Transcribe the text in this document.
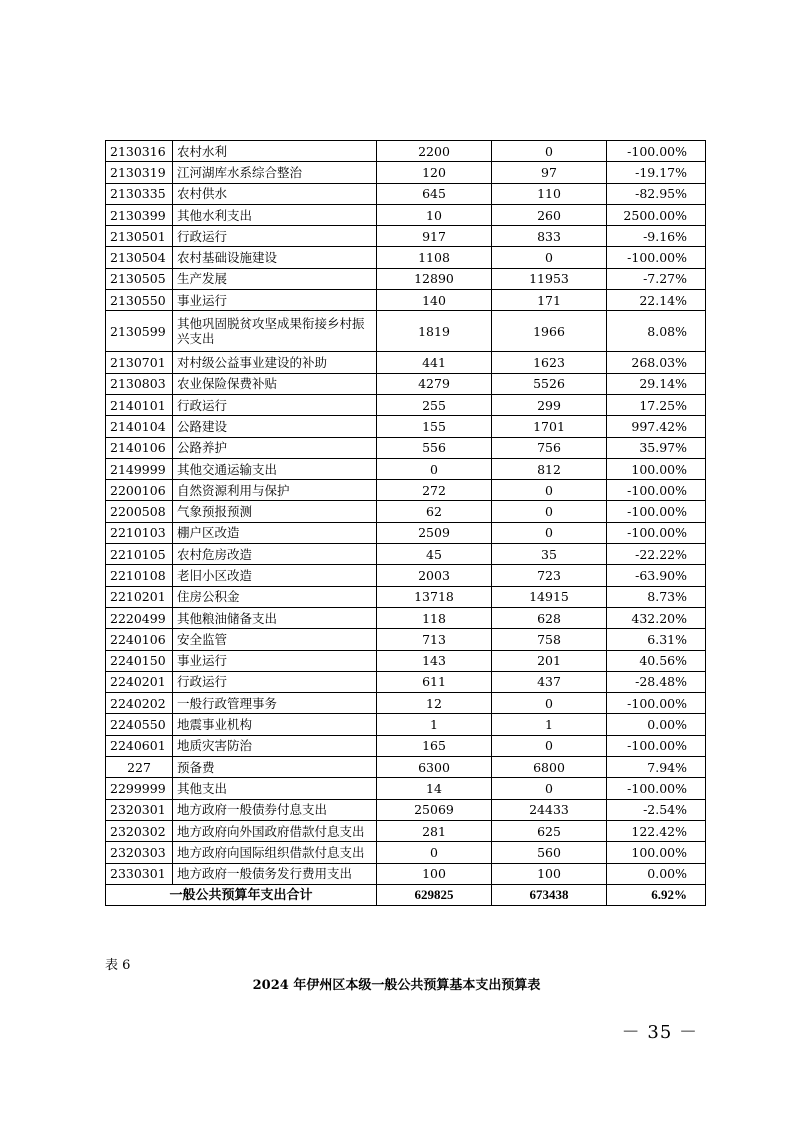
2130316	农村水利	2200	0	-100.00%
2130319	江河湖库水系综合整治	120	97	-19.17%
2130335	农村供水	645	110	-82.95%
2130399	其他水利支出	10	260	2500.00%
2130501	行政运行	917	833	-9.16%
2130504	农村基础设施建设	1108	0	-100.00%
2130505	生产发展	12890	11953	-7.27%
2130550	事业运行	140	171	22.14%
2130599	其他巩固脱贫攻坚成果衔接乡村振兴支出	1819	1966	8.08%
2130701	对村级公益事业建设的补助	441	1623	268.03%
2130803	农业保险保费补贴	4279	5526	29.14%
2140101	行政运行	255	299	17.25%
2140104	公路建设	155	1701	997.42%
2140106	公路养护	556	756	35.97%
2149999	其他交通运输支出	0	812	100.00%
2200106	自然资源利用与保护	272	0	-100.00%
2200508	气象预报预测	62	0	-100.00%
2210103	棚户区改造	2509	0	-100.00%
2210105	农村危房改造	45	35	-22.22%
2210108	老旧小区改造	2003	723	-63.90%
2210201	住房公积金	13718	14915	8.73%
2220499	其他粮油储备支出	118	628	432.20%
2240106	安全监管	713	758	6.31%
2240150	事业运行	143	201	40.56%
2240201	行政运行	611	437	-28.48%
2240202	一般行政管理事务	12	0	-100.00%
2240550	地震事业机构	1	1	0.00%
2240601	地质灾害防治	165	0	-100.00%
227	预备费	6300	6800	7.94%
2299999	其他支出	14	0	-100.00%
2320301	地方政府一般债券付息支出	25069	24433	-2.54%
2320302	地方政府向外国政府借款付息支出	281	625	122.42%
2320303	地方政府向国际组织借款付息支出	0	560	100.00%
2330301	地方政府一般债务发行费用支出	100	100	0.00%
一般公共预算年支出合计		629825	673438	6.92%
表 6
2024 年伊州区本级一般公共预算基本支出预算表
－ 35 －
